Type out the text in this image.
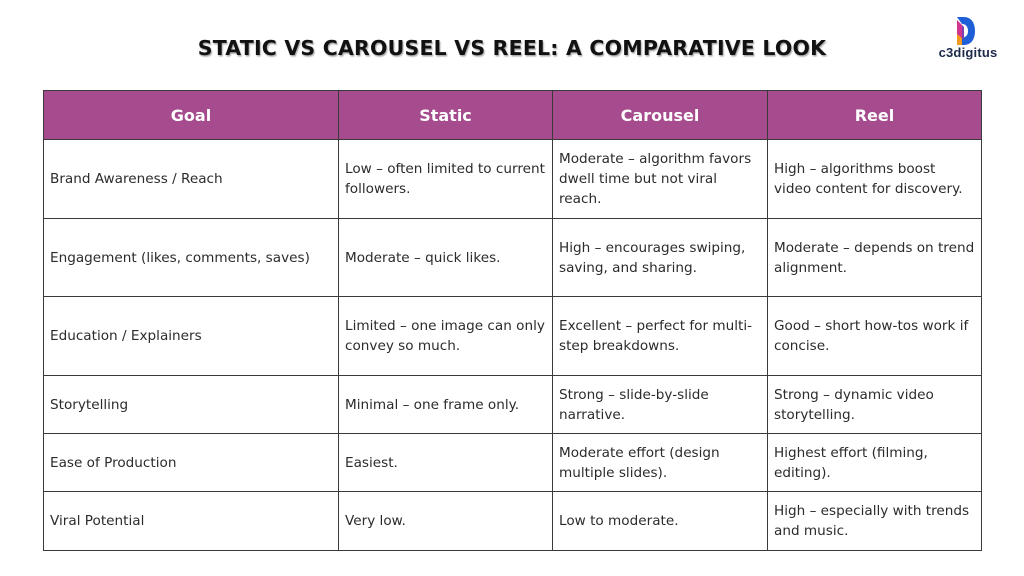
STATIC VS CAROUSEL VS REEL: A COMPARATIVE LOOK	c3digitus
Goal	Static	Carousel	Reel
Brand Awareness / Reach	Low – often limited to current followers.	Moderate – algorithm favors dwell time but not viral reach.	High – algorithms boost video content for discovery.
Engagement (likes, comments, saves)	Moderate – quick likes.	High – encourages swiping, saving, and sharing.	Moderate – depends on trend alignment.
Education / Explainers	Limited – one image can only convey so much.	Excellent – perfect for multi-step breakdowns.	Good – short how-tos work if concise.
Storytelling	Minimal – one frame only.	Strong – slide-by-slide narrative.	Strong – dynamic video storytelling.
Ease of Production	Easiest.	Moderate effort (design multiple slides).	Highest effort (filming, editing).
Viral Potential	Very low.	Low to moderate.	High – especially with trends and music.
